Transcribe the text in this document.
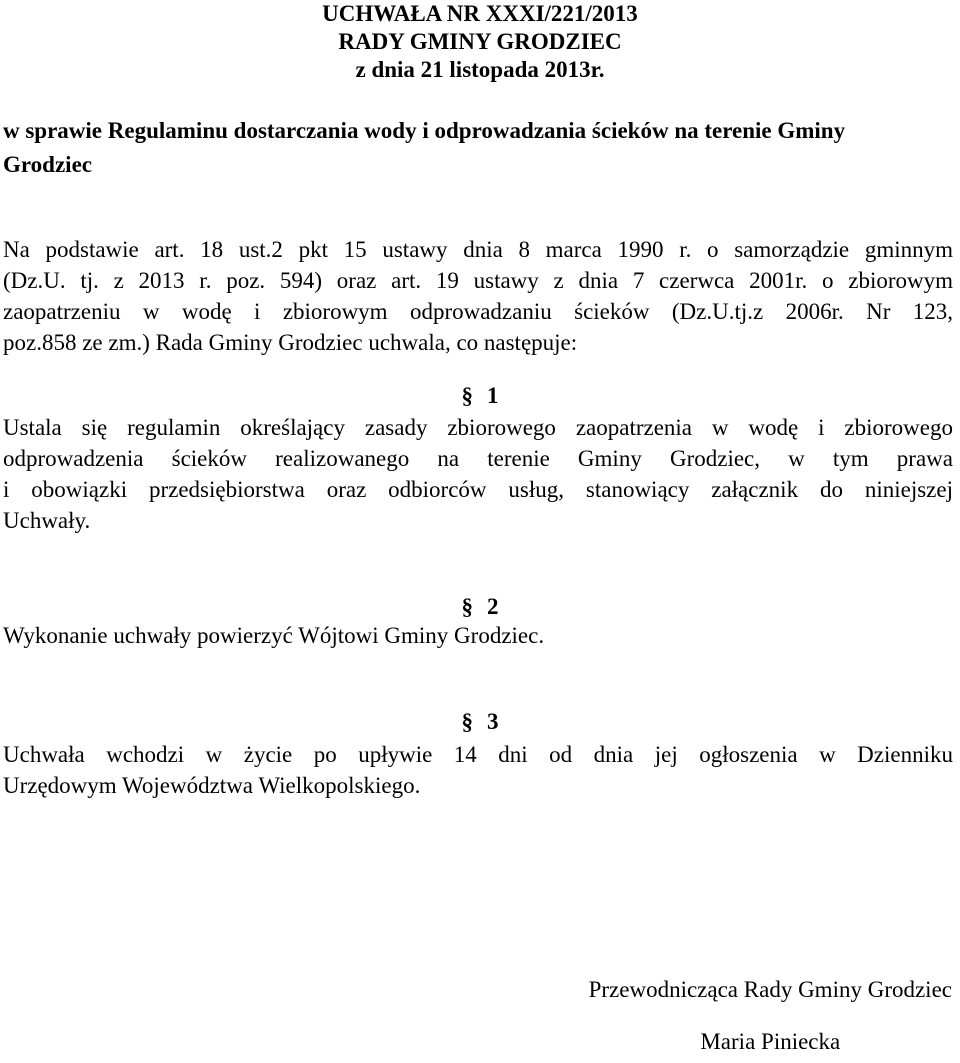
UCHWAŁA NR XXXI/221/2013
RADY GMINY GRODZIEC
z dnia 21 listopada 2013r.
w sprawie Regulaminu dostarczania wody i odprowadzania ścieków na terenie Gminy
Grodziec
Na podstawie art. 18 ust.2 pkt 15 ustawy dnia 8 marca 1990 r. o samorządzie gminnym
(Dz.U. tj. z 2013 r. poz. 594) oraz art. 19 ustawy z dnia 7 czerwca 2001r. o zbiorowym
zaopatrzeniu w wodę i zbiorowym odprowadzaniu ścieków (Dz.U.tj.z 2006r. Nr 123,
poz.858 ze zm.) Rada Gminy Grodziec uchwala, co następuje:
§ 1
Ustala się regulamin określający zasady zbiorowego zaopatrzenia w wodę i zbiorowego
odprowadzenia ścieków realizowanego na terenie Gminy Grodziec, w tym prawa
i obowiązki przedsiębiorstwa oraz odbiorców usług, stanowiący załącznik do niniejszej
Uchwały.
§ 2
Wykonanie uchwały powierzyć Wójtowi Gminy Grodziec.
§ 3
Uchwała wchodzi w życie po upływie 14 dni od dnia jej ogłoszenia w Dzienniku
Urzędowym Województwa Wielkopolskiego.
Przewodnicząca Rady Gminy Grodziec
Maria Piniecka
